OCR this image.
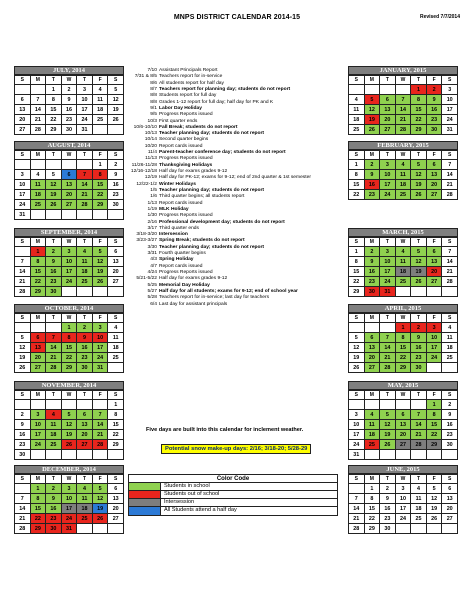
MNPS DISTRICT CALENDAR 2014-15	Revised 7/7/2014
JULY, 2014
S	M	T	W	T	F	S
		1	2	3	4	5
6	7	8	9	10	11	12
13	14	15	16	17	18	19
20	21	22	23	24	25	26
27	28	29	30	31		
AUGUST, 2014
S	M	T	W	T	F	S
					1	2
3	4	5	6	7	8	9
10	11	12	13	14	15	16
17	18	19	20	21	22	23
24	25	26	27	28	29	30
31						
SEPTEMBER, 2014
S	M	T	W	T	F	S
	1	2	3	4	5	6
7	8	9	10	11	12	13
14	15	16	17	18	19	20
21	22	23	24	25	26	27
28	29	30				
OCTOBER, 2014
S	M	T	W	T	F	S
			1	2	3	4
5	6	7	8	9	10	11
12	13	14	15	16	17	18
19	20	21	22	23	24	25
26	27	28	29	30	31	
NOVEMBER, 2014
S	M	T	W	T	F	S
						1
2	3	4	5	6	7	8
9	10	11	12	13	14	15
16	17	18	19	20	21	22
23	24	25	26	27	28	29
30						
DECEMBER, 2014
S	M	T	W	T	F	S
	1	2	3	4	5	6
7	8	9	10	11	12	13
14	15	16	17	18	19	20
21	22	23	24	25	26	27
28	29	30	31			
JANUARY, 2015
S	M	T	W	T	F	S
				1	2	3
4	5	6	7	8	9	10
11	12	13	14	15	16	17
18	19	20	21	22	23	24
25	26	27	28	29	30	31
FEBRUARY, 2015
S	M	T	W	T	F	S
1	2	3	4	5	6	7
8	9	10	11	12	13	14
15	16	17	18	19	20	21
22	23	24	25	26	27	28
MARCH, 2015
S	M	T	W	T	F	S
1	2	3	4	5	6	7
8	9	10	11	12	13	14
15	16	17	18	19	20	21
22	23	24	25	26	27	28
29	30	31				
APRIL, 2015
S	M	T	W	T	F	S
			1	2	3	4
5	6	7	8	9	10	11
12	13	14	15	16	17	18
19	20	21	22	23	24	25
26	27	28	29	30		
MAY, 2015
S	M	T	W	T	F	S
					1	2
3	4	5	6	7	8	9
10	11	12	13	14	15	16
17	18	19	20	21	22	23
24	25	26	27	28	29	30
31						
JUNE, 2015
S	M	T	W	T	F	S
	1	2	3	4	5	6
7	8	9	10	11	12	13
14	15	16	17	18	19	20
21	22	23	24	25	26	27
28	29	30				
7/10 Assistant Principals Report
7/31 & 8/5 Teachers report for in-service
8/6 All students report for half day
8/7 Teachers report for planning day; students do not report
8/8 Students report for full day
8/8 Grades 1-12 report for full day; half day for PK and K
9/1 Labor Day Holiday
9/5 Progress Reports issued
10/3 First quarter ends
10/6-10/10 Fall Break; students do not report
10/13 Teacher planning day; students do not report
10/14 Second quarter begins
10/20 Report cards issued
11/4 Parent-teacher conference day; students do not report
11/13 Progress Reports issued
11/26-11/28 Thanksgiving Holidays
12/16-12/18 Half day for exams grades 9-12
12/19 Half day for PK-12; exams for 9-12; end of 2nd quarter & 1st semester
12/22-1/2 Winter Holidays
1/5 Teacher planning day; students do not report
1/6 Third quarter begins; all students report
1/13 Report cards issued
1/19 MLK Holiday
1/30 Progress Reports issued
2/16 Professional development day; students do not report
3/17 Third quarter ends
3/18-3/20 Intersession
3/23-3/27 Spring Break; students do not report
3/30 Teacher planning day; students do not report
3/31 Fourth quarter begins
4/3 Spring Holiday
4/7 Report cards issued
4/24 Progress Reports issued
5/21-5/22 Half day for exams grades 9-12
5/25 Memorial Day Holiday
5/27 Half day for all students; exams for 9-12; end of school year
5/28 Teachers report for in-service; last day for teachers
6/4 Last day for assistant principals
Five days are built into this calendar for inclement weather.
Potential snow make-up days: 2/16; 3/18-20; 5/28-29
Color Code
Students in school
Students out of school
Intersession
All Students attend a half day
